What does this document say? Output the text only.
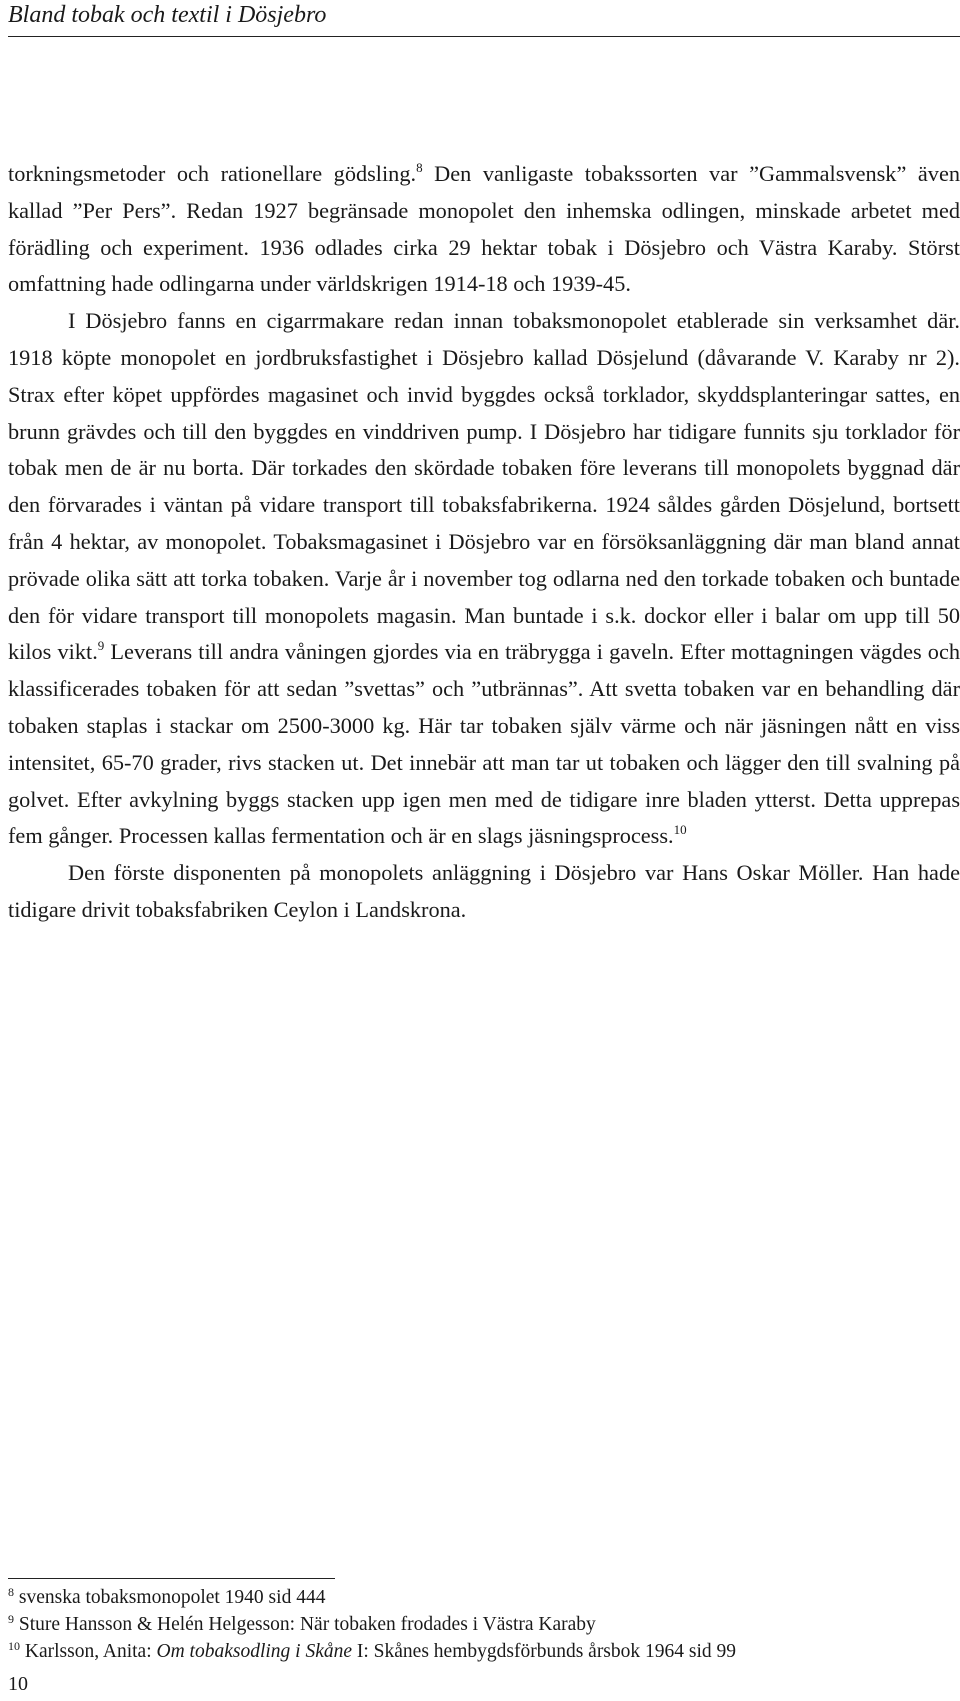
Bland tobak och textil i Dösjebro

torkningsmetoder och rationellare gödsling.$^8$ Den vanligaste tobakssorten var ”Gammalsvensk” även kallad ”Per Pers”. Redan 1927 begränsade monopolet den inhemska odlingen, minskade arbetet med förädling och experiment. 1936 odlades cirka 29 hektar tobak i Dösjebro och Västra Karaby. Störst omfattning hade odlingarna under världskrigen 1914-18 och 1939-45.

I Dösjebro fanns en cigarrmakare redan innan tobaksmonopolet etablerade sin verksamhet där. 1918 köpte monopolet en jordbruksfastighet i Dösjebro kallad Dösjelund (dåvarande V. Karaby nr 2). Strax efter köpet uppfördes magasinet och invid byggdes också torklador, skyddsplanteringar sattes, en brunn grävdes och till den byggdes en vinddriven pump. I Dösjebro har tidigare funnits sju torklador för tobak men de är nu borta. Där torkades den skördade tobaken före leverans till monopolets byggnad där den förvarades i väntan på vidare transport till tobaksfabrikerna. 1924 såldes gården Dösjelund, bortsett från 4 hektar, av monopolet. Tobaksmagasinet i Dösjebro var en försöksanläggning där man bland annat prövade olika sätt att torka tobaken. Varje år i november tog odlarna ned den torkade tobaken och buntade den för vidare transport till monopolets magasin. Man buntade i s.k. dockor eller i balar om upp till 50 kilos vikt.$^9$ Leverans till andra våningen gjordes via en träbrygga i gaveln. Efter mottagningen vägdes och klassificerades tobaken för att sedan ”svettas” och ”utbrännas”. Att svetta tobaken var en behandling där tobaken staplas i stackar om 2500-3000 kg. Här tar tobaken själv värme och när jäsningen nått en viss intensitet, 65-70 grader, rivs stacken ut. Det innebär att man tar ut tobaken och lägger den till svalning på golvet. Efter avkylning byggs stacken upp igen men med de tidigare inre bladen ytterst. Detta upprepas fem gånger. Processen kallas fermentation och är en slags jäsningsprocess.$^{10}$

Den förste disponenten på monopolets anläggning i Dösjebro var Hans Oskar Möller. Han hade tidigare drivit tobaksfabriken Ceylon i Landskrona.

$^8$ svenska tobaksmonopolet 1940 sid 444

$^9$ Sture Hansson & Helén Helgesson: När tobaken frodades i Västra Karaby

$^{10}$ Karlsson, Anita: Om tobaksodling i Skåne I: Skånes hembygdsförbunds årsbok 1964 sid 99

10
